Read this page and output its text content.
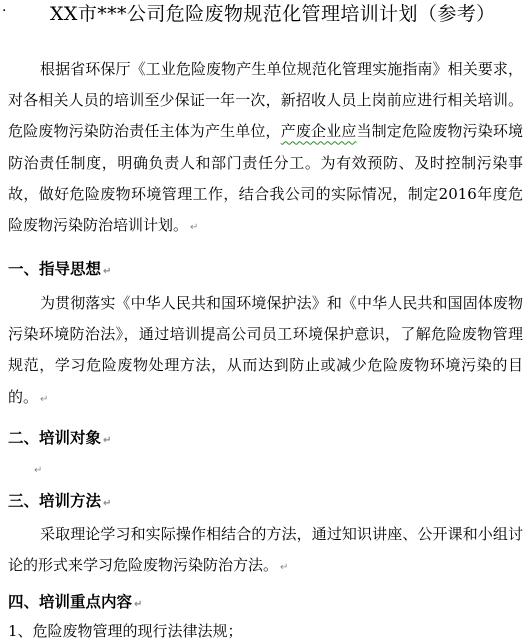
· XX市***公司危险废物规范化管理培训计划（参考）
根据省环保厅《工业危险废物产生单位规范化管理实施指南》相关要求，对各相关人员的培训至少保证一年一次，新招收人员上岗前应进行相关培训。危险废物污染防治责任主体为产生单位，产废企业应当制定危险废物污染环境防治责任制度，明确负责人和部门责任分工。为有效预防、及时控制污染事故，做好危险废物环境管理工作，结合我公司的实际情况，制定2016年度危险废物污染防治培训计划。 ↵
一、指导思想 ↵
为贯彻落实《中华人民共和国环境保护法》和《中华人民共和国固体废物污染环境防治法》，通过培训提高公司员工环境保护意识，了解危险废物管理规范，学习危险废物处理方法，从而达到防止或减少危险废物环境污染的目的。 ↵
二、培训对象 ↵
↵
三、培训方法 ↵
采取理论学习和实际操作相结合的方法，通过知识讲座、公开课和小组讨论的形式来学习危险废物污染防治方法。 ↵
四、培训重点内容 ↵
1、危险废物管理的现行法律法规；
